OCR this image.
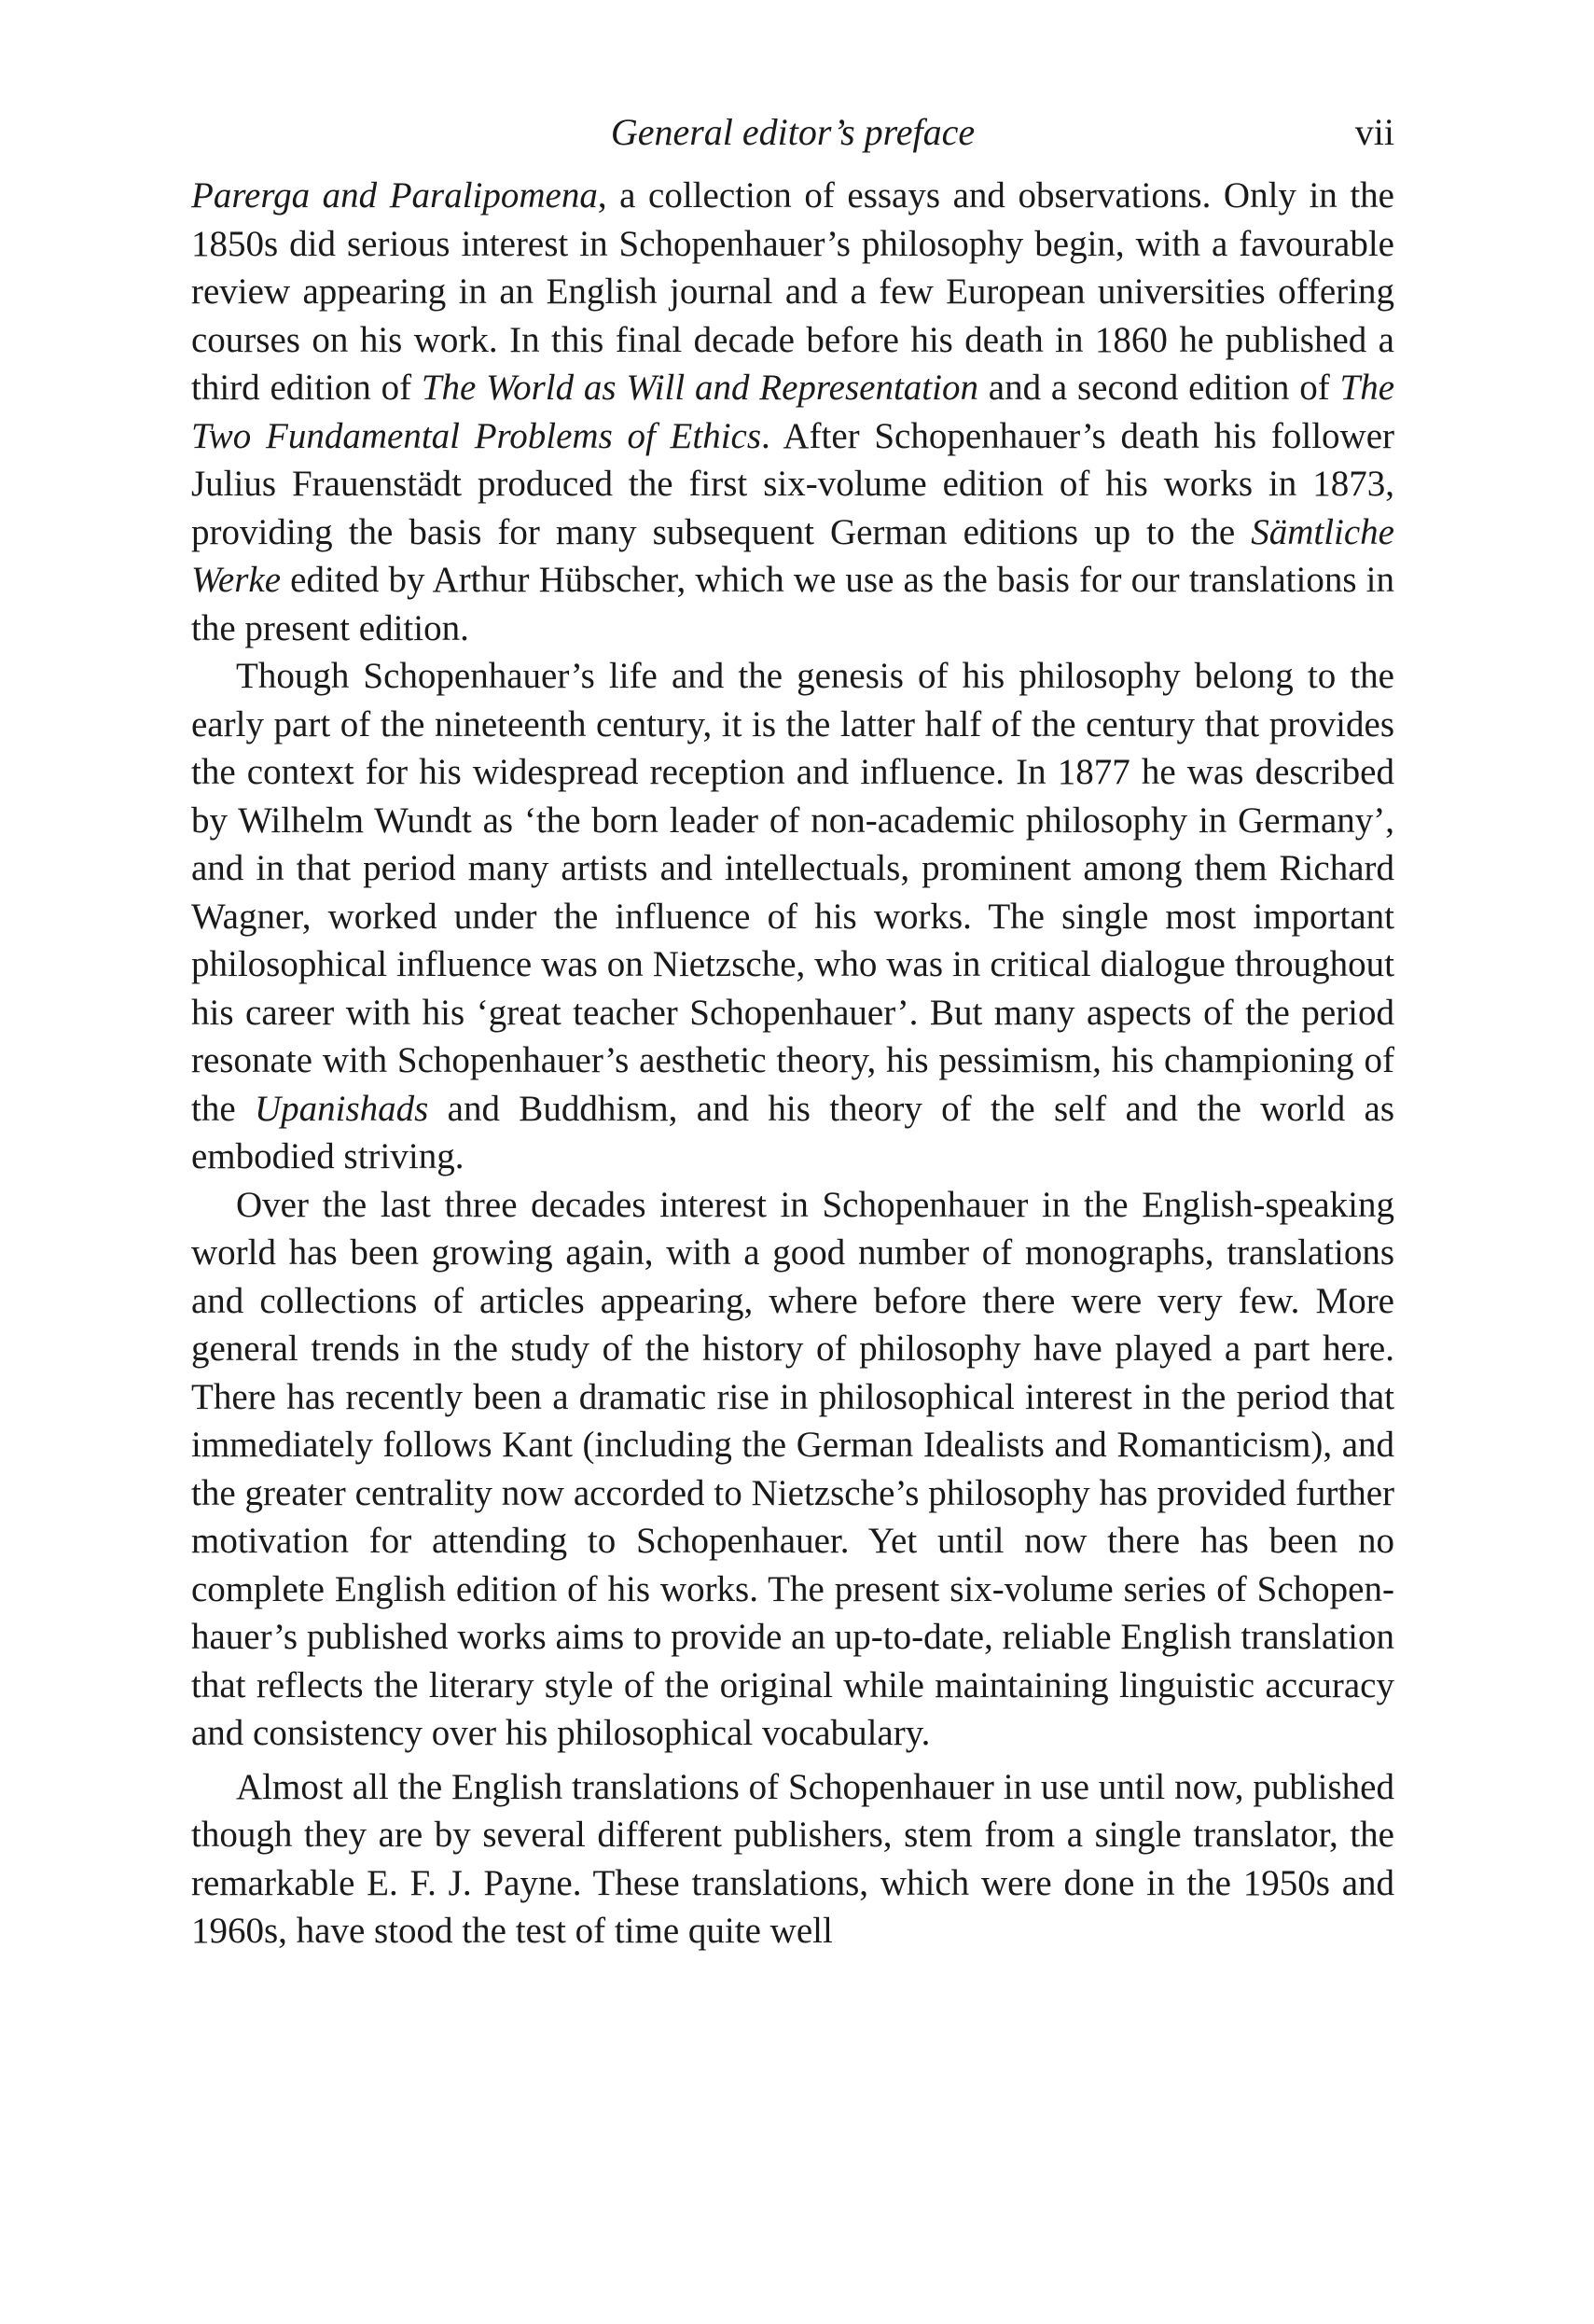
General editor’s preface	vii

Parerga and Paralipomena, a collection of essays and observations. Only in the 1850s did serious interest in Schopenhauer’s philosophy begin, with a favourable review appearing in an English journal and a few European universities offering courses on his work. In this final decade before his death in 1860 he published a third edition of The World as Will and Representation and a second edition of The Two Fundamental Problems of Ethics. After Schopenhauer’s death his follower Julius Frauenstädt produced the first six-volume edition of his works in 1873, providing the basis for many subsequent German editions up to the Sämtliche Werke edited by Arthur Hübscher, which we use as the basis for our translations in the present edition.

Though Schopenhauer’s life and the genesis of his philosophy belong to the early part of the nineteenth century, it is the latter half of the century that provides the context for his widespread reception and influence. In 1877 he was described by Wilhelm Wundt as ‘the born leader of non-academic philosophy in Germany’, and in that period many artists and intellectuals, prominent among them Richard Wagner, worked under the influence of his works. The single most important philosophical influence was on Nietzsche, who was in critical dialogue throughout his career with his ‘great teacher Schopenhauer’. But many aspects of the period resonate with Schopenhauer’s aesthetic theory, his pessimism, his championing of the Upanishads and Buddhism, and his theory of the self and the world as embodied striving.

Over the last three decades interest in Schopenhauer in the English-speaking world has been growing again, with a good number of monographs, translations and collections of articles appearing, where before there were very few. More general trends in the study of the history of philosophy have played a part here. There has recently been a dramatic rise in philosophical interest in the period that immediately follows Kant (including the German Idealists and Romanticism), and the greater centrality now accorded to Nietzsche’s philosophy has provided further motivation for attending to Schopenhauer. Yet until now there has been no complete English edition of his works. The present six-volume series of Schopenhauer’s published works aims to provide an up-to-date, reliable English translation that reflects the literary style of the original while maintaining linguistic accuracy and consistency over his philosophical vocabulary.

Almost all the English translations of Schopenhauer in use until now, published though they are by several different publishers, stem from a single translator, the remarkable E. F. J. Payne. These translations, which were done in the 1950s and 1960s, have stood the test of time quite well
